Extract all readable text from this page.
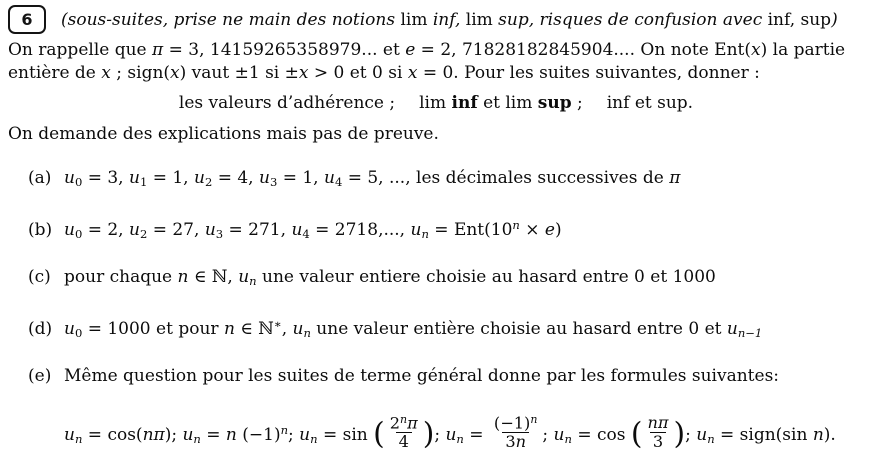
6 (sous-suites, prise ne main des notions lim inf, lim sup, risques de confusion avec inf, sup)
On rappelle que π = 3, 14159265358979... et e = 2, 71828182845904.... On note Ent(x) la partie
entière de x ; sign(x) vaut ±1 si ±x > 0 et 0 si x = 0. Pour les suites suivantes, donner :
les valeurs d’adhérence ; lim inf et lim sup ; inf et sup.
On demande des explications mais pas de preuve.
(a) u0 = 3, u1 = 1, u2 = 4, u3 = 1, u4 = 5, ..., les décimales successives de π
(b) u0 = 2, u2 = 27, u3 = 271, u4 = 2718,..., un = $Ent(10^n \times e)$
(c) pour chaque n ∈ ℕ, un une valeur entiere choisie au hasard entre 0 et 1000
(d) u0 = 1000 et pour n ∈ ℕ∗, un une valeur entière choisie au hasard entre 0 et un−1
(e) Même question pour les suites de terme général donne par les formules suivantes:
un = cos(nπ); un = n $(-1)^n$; un = sin ( $\frac{2^n\pi}{4}$ ); un = $\frac{(-1)^n}{3n}$ ; un = cos ( $\frac{n\pi}{3}$ ); un = sign(sin n).
